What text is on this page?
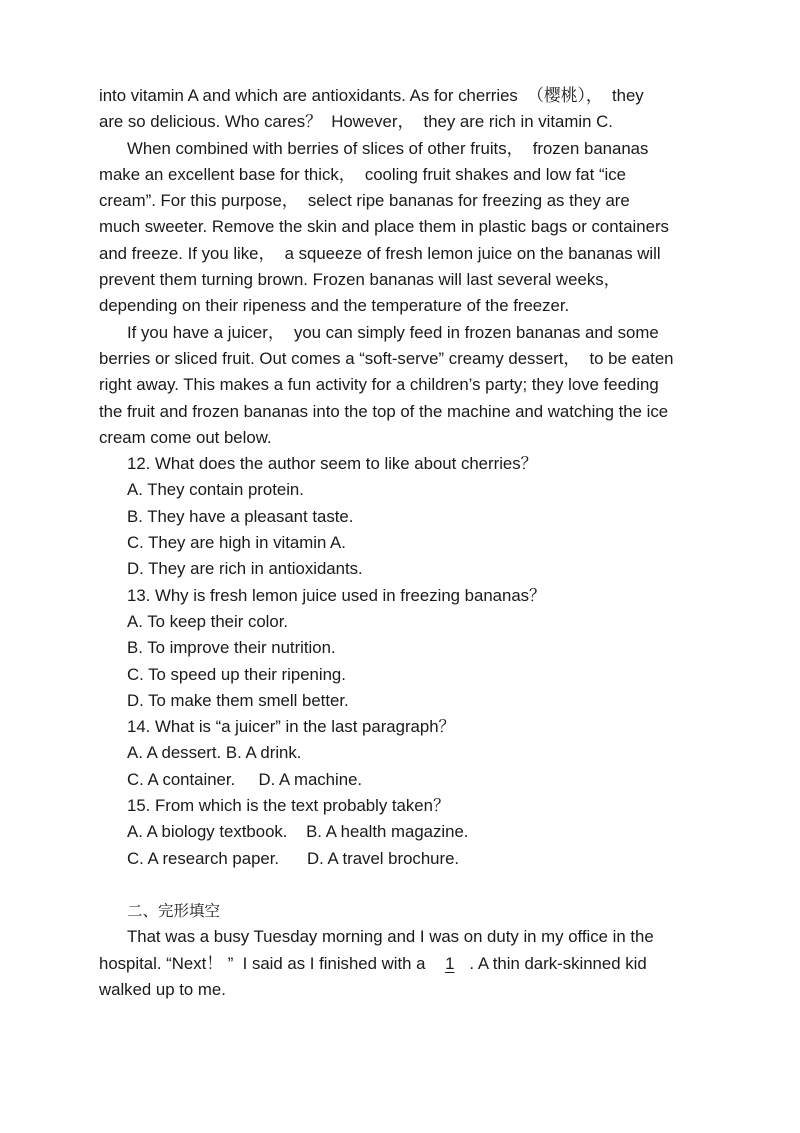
into vitamin A and which are antioxidants. As for cherries  （樱桃），  they
are so delicious. Who cares？  However，  they are rich in vitamin C.
When combined with berries of slices of other fruits，  frozen bananas
make an excellent base for thick，  cooling fruit shakes and low fat “ice
cream”. For this purpose，  select ripe bananas for freezing as they are
much sweeter. Remove the skin and place them in plastic bags or containers
and freeze. If you like，  a squeeze of fresh lemon juice on the bananas will
prevent them turning brown. Frozen bananas will last several weeks，
depending on their ripeness and the temperature of the freezer.
If you have a juicer，  you can simply feed in frozen bananas and some
berries or sliced fruit. Out comes a “soft-serve” creamy dessert，  to be eaten
right away. This makes a fun activity for a children’s party; they love feeding
the fruit and frozen bananas into the top of the machine and watching the ice
cream come out below.
12. What does the author seem to like about cherries？
A. They contain protein.
B. They have a pleasant taste.
C. They are high in vitamin A.
D. They are rich in antioxidants.
13. Why is fresh lemon juice used in freezing bananas？
A. To keep their color.
B. To improve their nutrition.
C. To speed up their ripening.
D. To make them smell better.
14. What is “a juicer” in the last paragraph？
A. A dessert. B. A drink.
C. A container.     D. A machine.
15. From which is the text probably taken？
A. A biology textbook.    B. A health magazine.
C. A research paper.      D. A travel brochure.
二、完形填空
That was a busy Tuesday morning and I was on duty in my office in the
hospital. “Next！ ”  I said as I finished with a  1 . A thin dark-skinned kid
walked up to me.
